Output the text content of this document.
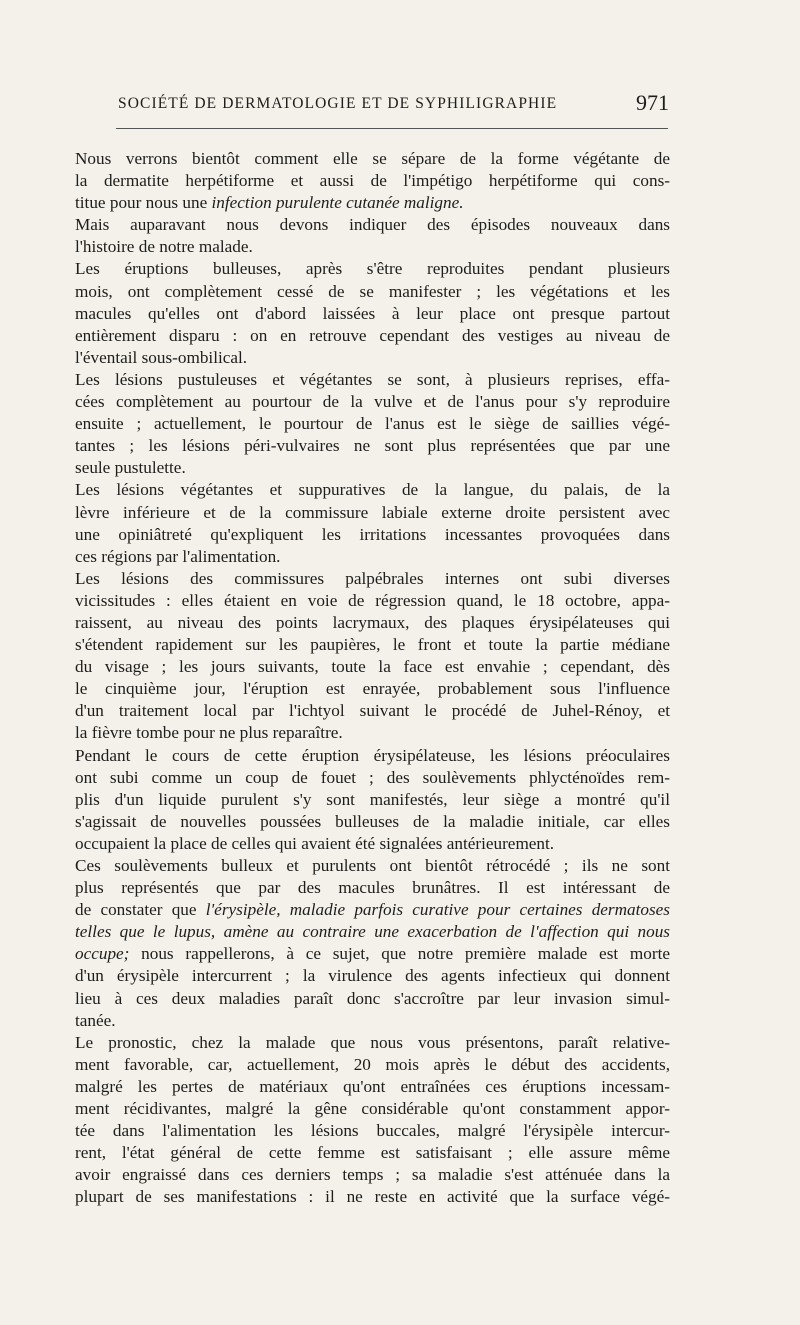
SOCIÉTÉ DE DERMATOLOGIE ET DE SYPHILIGRAPHIE	971

Nous verrons bientôt comment elle se sépare de la forme végétante de
la dermatite herpétiforme et aussi de l'impétigo herpétiforme qui cons-
titue pour nous une infection purulente cutanée maligne.

Mais auparavant nous devons indiquer des épisodes nouveaux dans
l'histoire de notre malade.

Les éruptions bulleuses, après s'être reproduites pendant plusieurs
mois, ont complètement cessé de se manifester ; les végétations et les
macules qu'elles ont d'abord laissées à leur place ont presque partout
entièrement disparu : on en retrouve cependant des vestiges au niveau de
l'éventail sous-ombilical.

Les lésions pustuleuses et végétantes se sont, à plusieurs reprises, effa-
cées complètement au pourtour de la vulve et de l'anus pour s'y reproduire
ensuite ; actuellement, le pourtour de l'anus est le siège de saillies végé-
tantes ; les lésions péri-vulvaires ne sont plus représentées que par une
seule pustulette.

Les lésions végétantes et suppuratives de la langue, du palais, de la
lèvre inférieure et de la commissure labiale externe droite persistent avec
une opiniâtreté qu'expliquent les irritations incessantes provoquées dans
ces régions par l'alimentation.

Les lésions des commissures palpébrales internes ont subi diverses
vicissitudes : elles étaient en voie de régression quand, le 18 octobre, appa-
raissent, au niveau des points lacrymaux, des plaques érysipélateuses qui
s'étendent rapidement sur les paupières, le front et toute la partie médiane
du visage ; les jours suivants, toute la face est envahie ; cependant, dès
le cinquième jour, l'éruption est enrayée, probablement sous l'influence
d'un traitement local par l'ichtyol suivant le procédé de Juhel-Rénoy, et
la fièvre tombe pour ne plus reparaître.

Pendant le cours de cette éruption érysipélateuse, les lésions préoculaires
ont subi comme un coup de fouet ; des soulèvements phlycténoïdes rem-
plis d'un liquide purulent s'y sont manifestés, leur siège a montré qu'il
s'agissait de nouvelles poussées bulleuses de la maladie initiale, car elles
occupaient la place de celles qui avaient été signalées antérieurement.

Ces soulèvements bulleux et purulents ont bientôt rétrocédé ; ils ne sont
plus représentés que par des macules brunâtres. Il est intéressant de
de constater que l'érysipèle, maladie parfois curative pour certaines dermatoses
telles que le lupus, amène au contraire une exacerbation de l'affection qui nous
occupe; nous rappellerons, à ce sujet, que notre première malade est morte
d'un érysipèle intercurrent ; la virulence des agents infectieux qui donnent
lieu à ces deux maladies paraît donc s'accroître par leur invasion simul-
tanée.

Le pronostic, chez la malade que nous vous présentons, paraît relative-
ment favorable, car, actuellement, 20 mois après le début des accidents,
malgré les pertes de matériaux qu'ont entraînées ces éruptions incessam-
ment récidivantes, malgré la gêne considérable qu'ont constamment appor-
tée dans l'alimentation les lésions buccales, malgré l'érysipèle intercur-
rent, l'état général de cette femme est satisfaisant ; elle assure même
avoir engraissé dans ces derniers temps ; sa maladie s'est atténuée dans la
plupart de ses manifestations : il ne reste en activité que la surface végé-
